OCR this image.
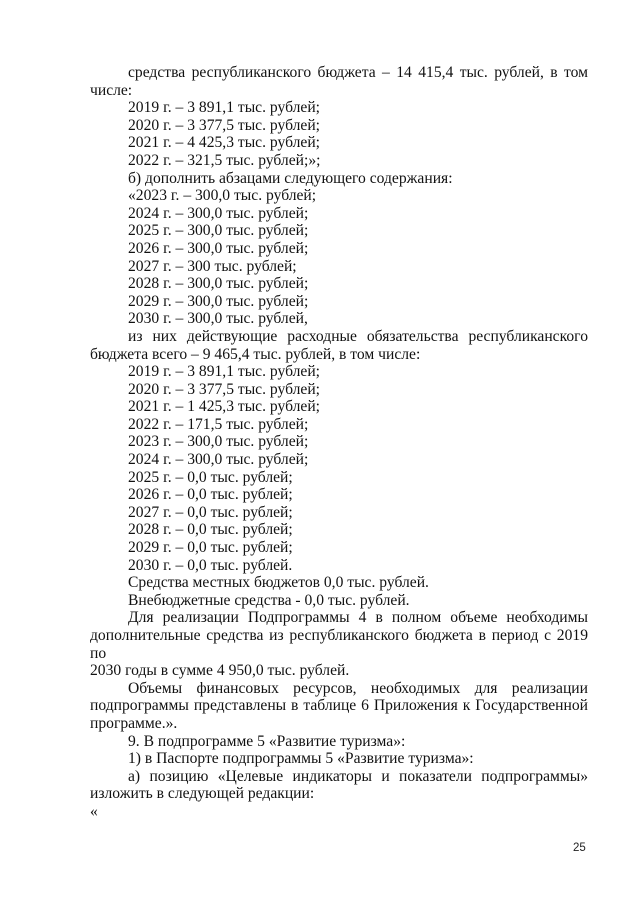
средства республиканского бюджета – 14 415,4 тыс. рублей, в том

числе:

2019 г. – 3 891,1 тыс. рублей;

2020 г. – 3 377,5 тыс. рублей;

2021 г. – 4 425,3 тыс. рублей;

2022 г. – 321,5 тыс. рублей;»;

б) дополнить абзацами следующего содержания:

«2023 г. – 300,0 тыс. рублей;

2024 г. – 300,0 тыс. рублей;

2025 г. – 300,0 тыс. рублей;

2026 г. – 300,0 тыс. рублей;

2027 г. – 300 тыс. рублей;

2028 г. – 300,0 тыс. рублей;

2029 г. – 300,0 тыс. рублей;

2030 г. – 300,0 тыс. рублей,

из них действующие расходные обязательства республиканского

бюджета всего – 9 465,4 тыс. рублей, в том числе:

2019 г. – 3 891,1 тыс. рублей;

2020 г. – 3 377,5 тыс. рублей;

2021 г. – 1 425,3 тыс. рублей;

2022 г. – 171,5 тыс. рублей;

2023 г. – 300,0 тыс. рублей;

2024 г. – 300,0 тыс. рублей;

2025 г. – 0,0 тыс. рублей;

2026 г. – 0,0 тыс. рублей;

2027 г. – 0,0 тыс. рублей;

2028 г. – 0,0 тыс. рублей;

2029 г. – 0,0 тыс. рублей;

2030 г. – 0,0 тыс. рублей.

Средства местных бюджетов 0,0 тыс. рублей.

Внебюджетные средства - 0,0 тыс. рублей.

Для реализации Подпрограммы 4 в полном объеме необходимы

дополнительные средства из республиканского бюджета в период с 2019 по

2030 годы в сумме 4 950,0 тыс. рублей.

Объемы финансовых ресурсов, необходимых для реализации

подпрограммы представлены в таблице 6 Приложения к Государственной

программе.».

9. В подпрограмме 5 «Развитие туризма»:

1) в Паспорте подпрограммы 5 «Развитие туризма»:

а) позицию «Целевые индикаторы и показатели подпрограммы»

изложить в следующей редакции:

«

25
